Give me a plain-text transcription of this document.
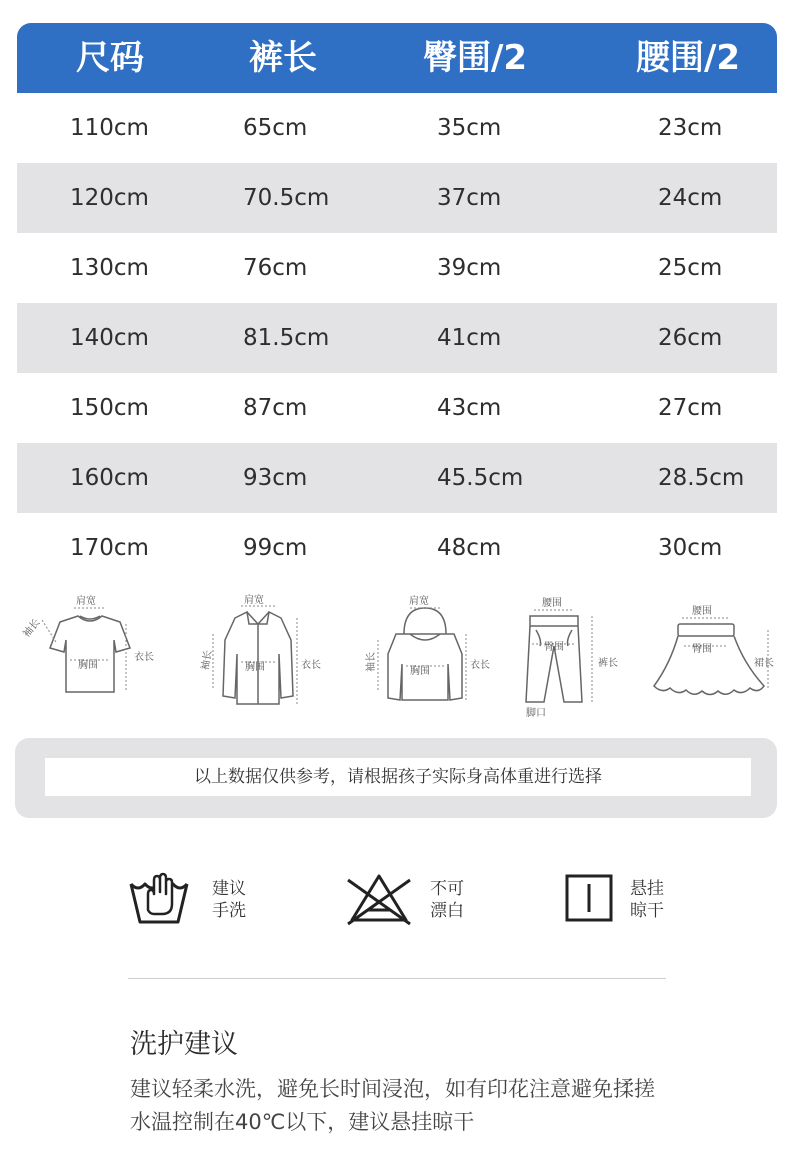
110cm	65cm	35cm	23cm
120cm	70.5cm	37cm	24cm
130cm	76cm	39cm	25cm
140cm	81.5cm	41cm	26cm
150cm	87cm	43cm	27cm
160cm	93cm	45.5cm	28.5cm
170cm	99cm	48cm	30cm
尺码	裤长	臀围/2	腰围/2
肩宽
袖长
胸围
衣长
肩宽
袖长	胸围	衣长
肩宽
袖长	胸围
衣长
腰围
臀围
裤长
脚口
腰围
臀围
裙长
以上数据仅供参考，请根据孩子实际身高体重进行选择
建议
手洗
不可
漂白
悬挂
晾干
洗护建议
建议轻柔水洗，避免长时间浸泡，如有印花注意避免揉搓
水温控制在40℃以下，建议悬挂晾干
